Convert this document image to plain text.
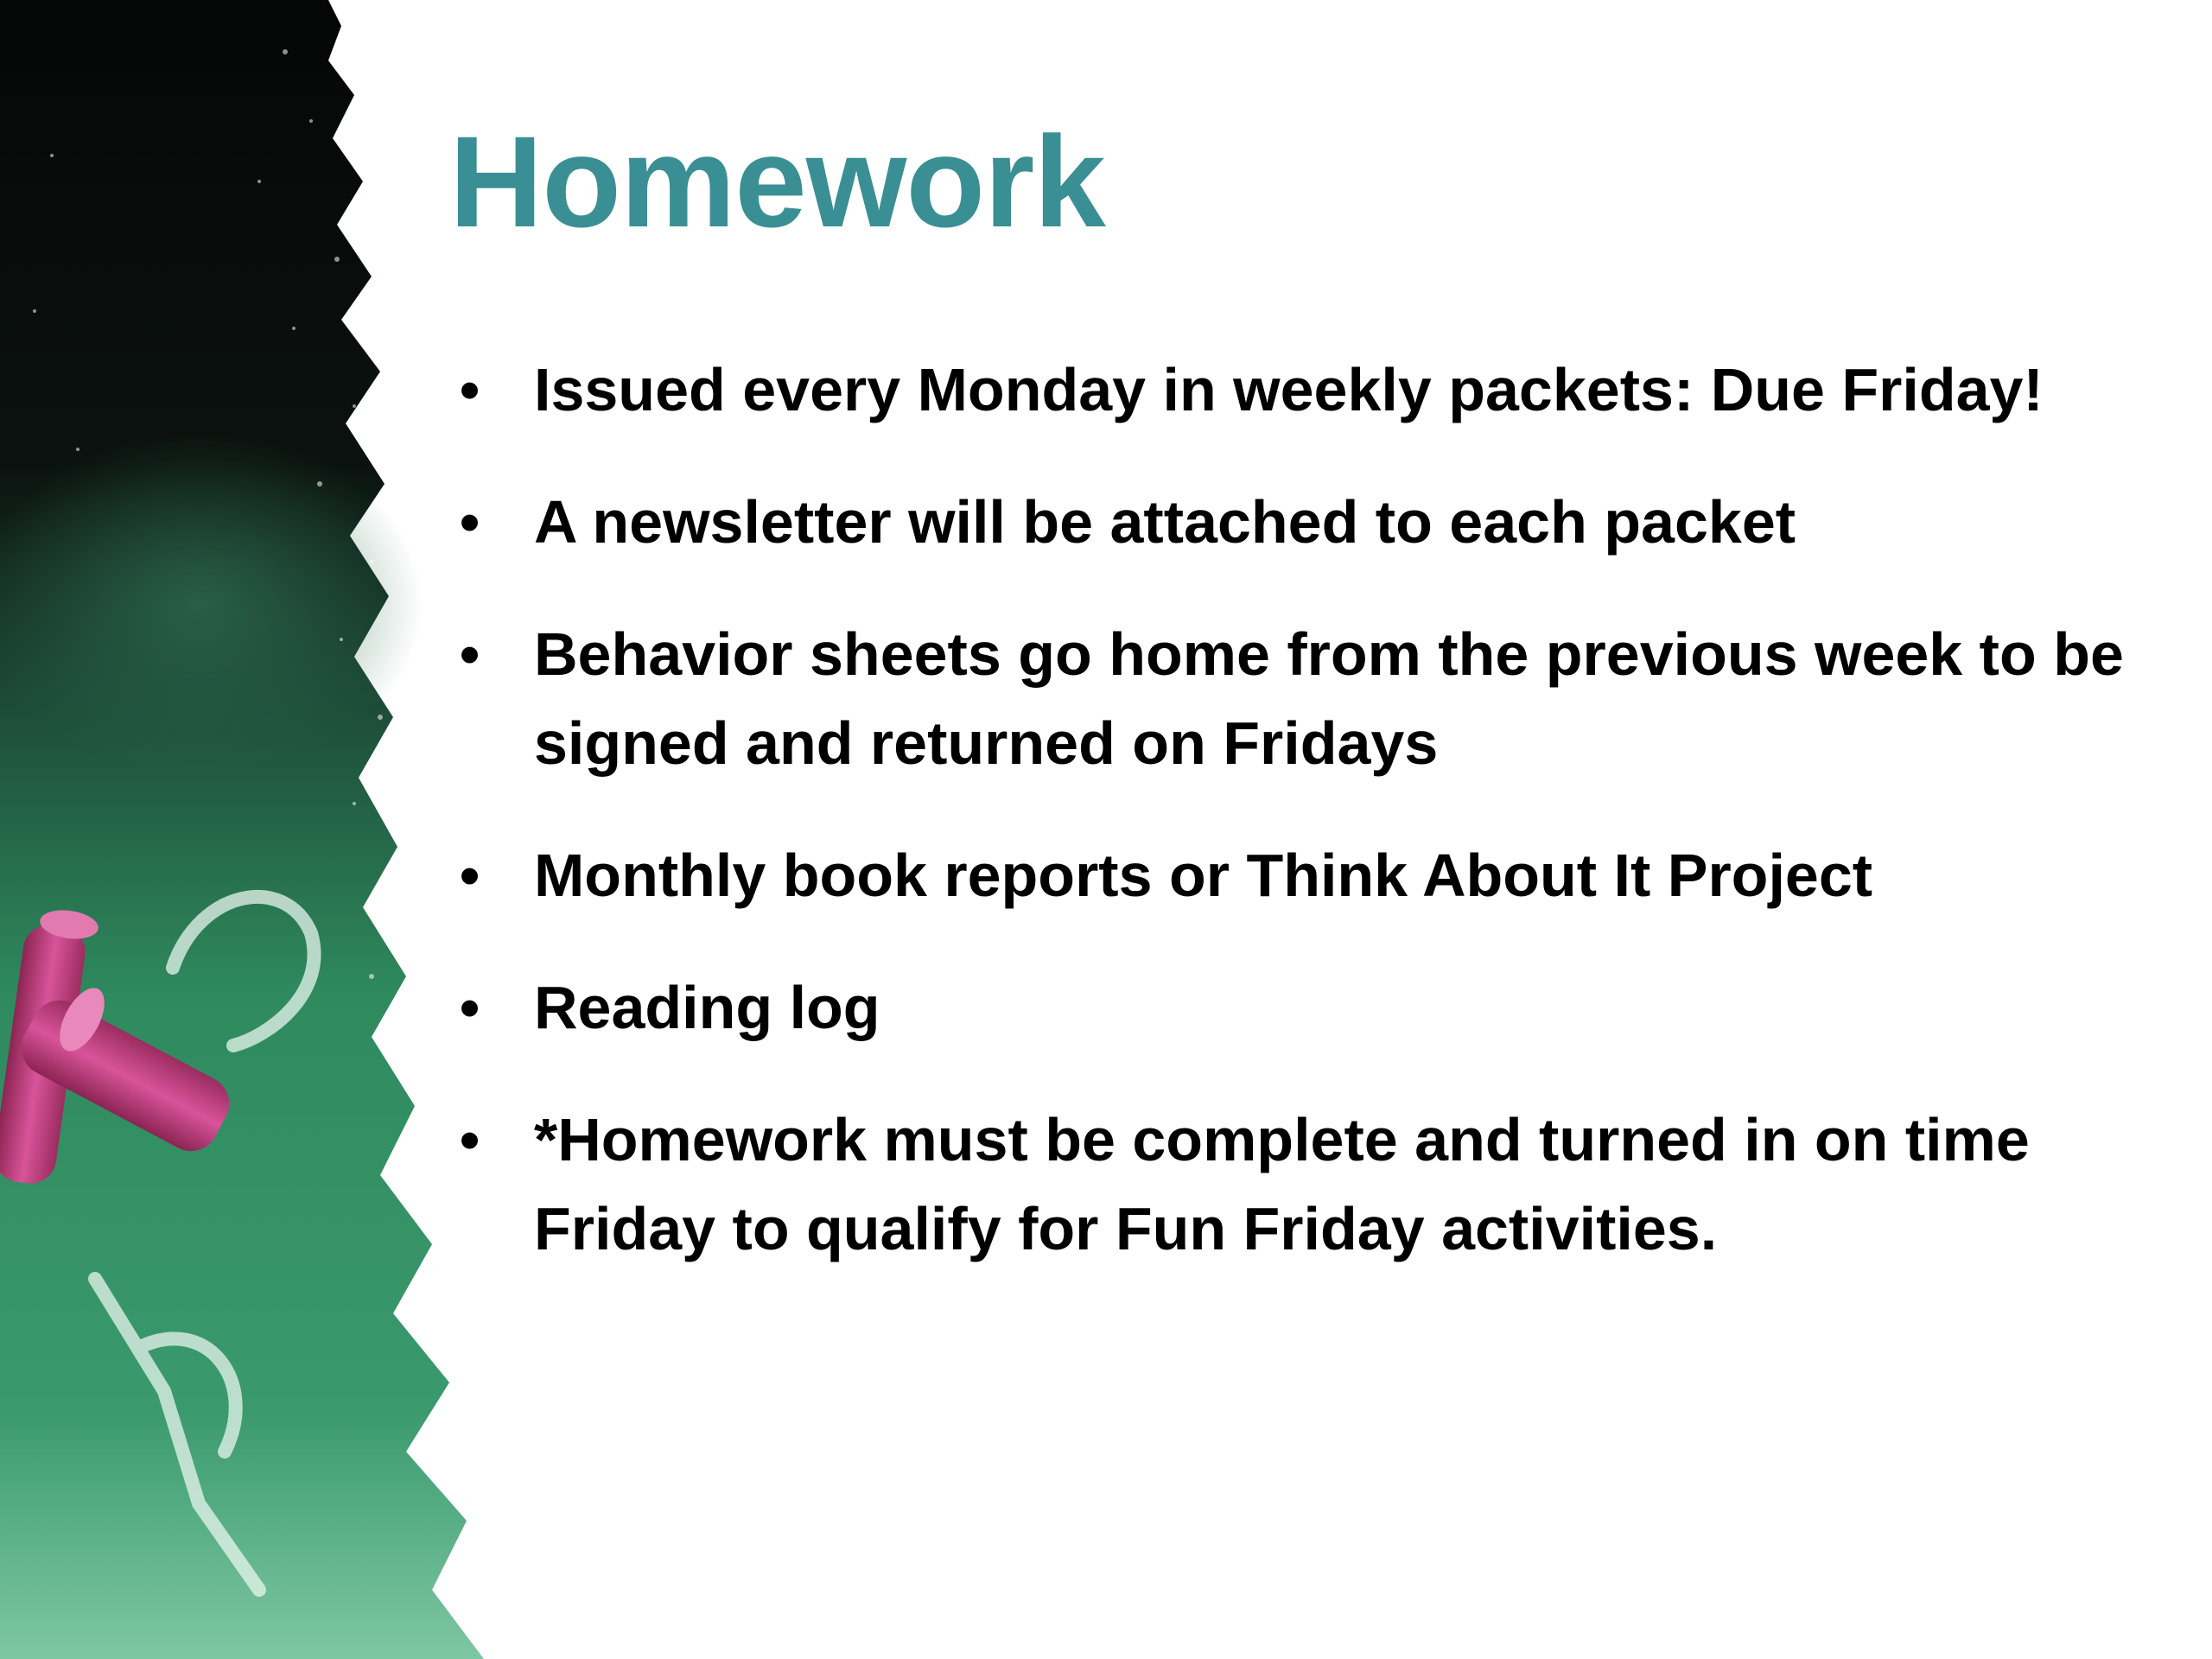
Homework
• Issued every Monday in weekly packets: Due Friday!
• A newsletter will be attached to each packet
• Behavior sheets go home from the previous week to be signed and returned on Fridays
• Monthly book reports or Think About It Project
• Reading log
• *Homework must be complete and turned in on time Friday to qualify for Fun Friday activities.
